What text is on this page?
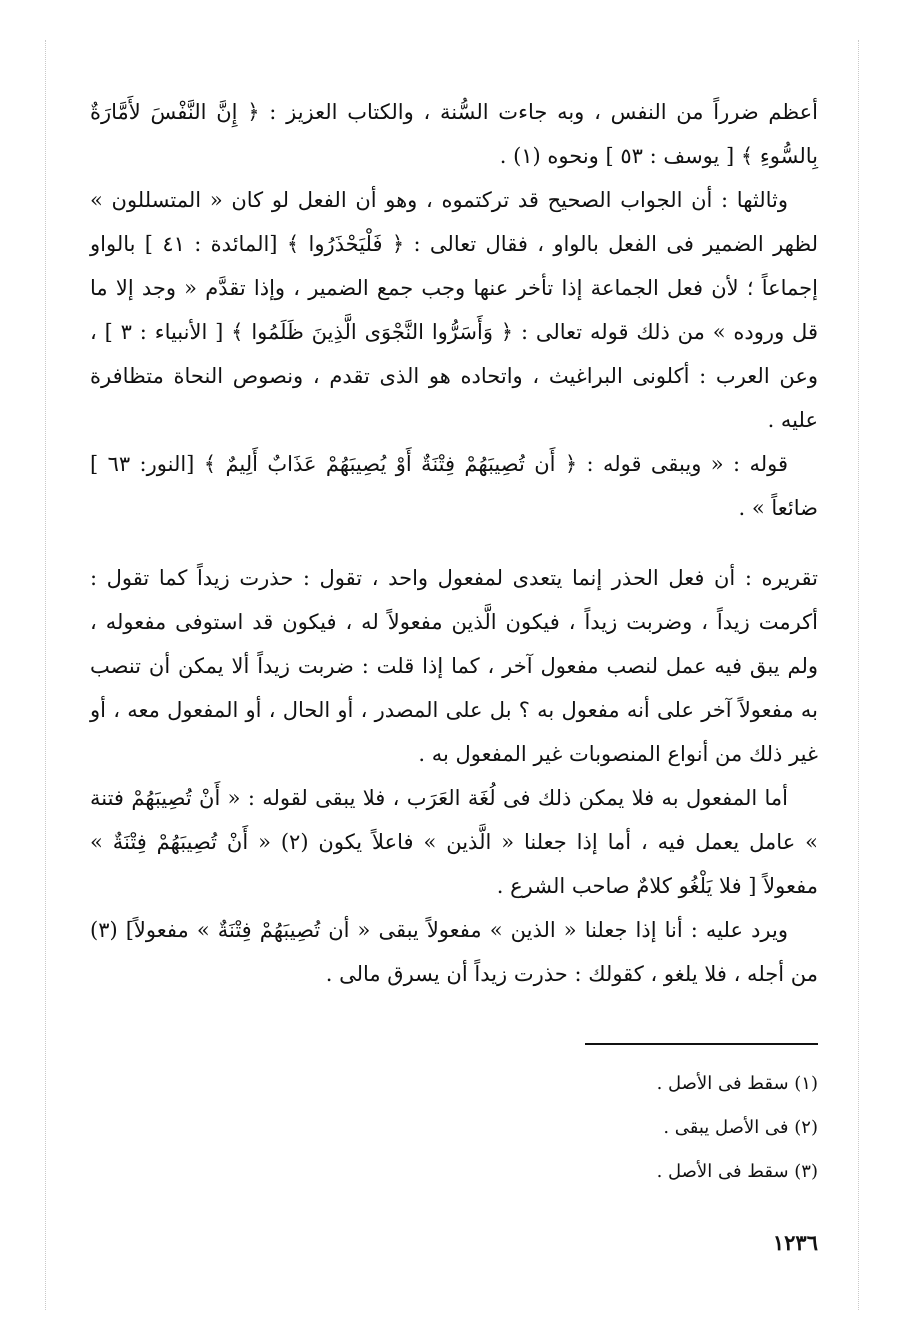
أعظم ضرراً من النفس ، وبه جاءت السُّنة ، والكتاب العزيز : ﴿ إِنَّ النَّفْسَ لأَمَّارَةٌ بِالسُّوءِ ﴾ [ يوسف : ٥٣ ] ونحوه (١) .

وثالثها : أن الجواب الصحيح قد تركتموه ، وهو أن الفعل لو كان « المتسللون » لظهر الضمير فى الفعل بالواو ، فقال تعالى : ﴿ فَلْيَحْذَرُوا ﴾ [المائدة : ٤١ ] بالواو إجماعاً ؛ لأن فعل الجماعة إذا تأخر عنها وجب جمع الضمير ، وإذا تقدَّم « وجد إلا ما قل وروده » من ذلك قوله تعالى : ﴿ وَأَسَرُّوا النَّجْوَى الَّذِينَ ظَلَمُوا ﴾ [ الأنبياء : ٣ ] ، وعن العرب : أكلونى البراغيث ، واتحاده هو الذى تقدم ، ونصوص النحاة متظافرة عليه .

قوله : « ويبقى قوله : ﴿ أَن تُصِيبَهُمْ فِتْنَةٌ أَوْ يُصِيبَهُمْ عَذَابٌ أَلِيمٌ ﴾ [النور: ٦٣ ] ضائعاً » .

تقريره : أن فعل الحذر إنما يتعدى لمفعول واحد ، تقول : حذرت زيداً كما تقول : أكرمت زيداً ، وضربت زيداً ، فيكون الَّذين مفعولاً له ، فيكون قد استوفى مفعوله ، ولم يبق فيه عمل لنصب مفعول آخر ، كما إذا قلت : ضربت زيداً ألا يمكن أن تنصب به مفعولاً آخر على أنه مفعول به ؟ بل على المصدر ، أو الحال ، أو المفعول معه ، أو غير ذلك من أنواع المنصوبات غير المفعول به .

أما المفعول به فلا يمكن ذلك فى لُغَة العَرَب ، فلا يبقى لقوله : « أَنْ تُصِيبَهُمْ فتنة » عامل يعمل فيه ، أما إذا جعلنا « الَّذين » فاعلاً يكون (٢) « أَنْ تُصِيبَهُمْ فِتْنَةٌ » مفعولاً [ فلا يَلْغُو كلامٌ صاحب الشرع .

ويرد عليه : أنا إذا جعلنا « الذين » مفعولاً يبقى « أن تُصِيبَهُمْ فِتْنَةٌ » مفعولاً] (٣) من أجله ، فلا يلغو ، كقولك : حذرت زيداً أن يسرق مالى .

(١) سقط فى الأصل .
(٢) فى الأصل يبقى .
(٣) سقط فى الأصل .
١٢٣٦
